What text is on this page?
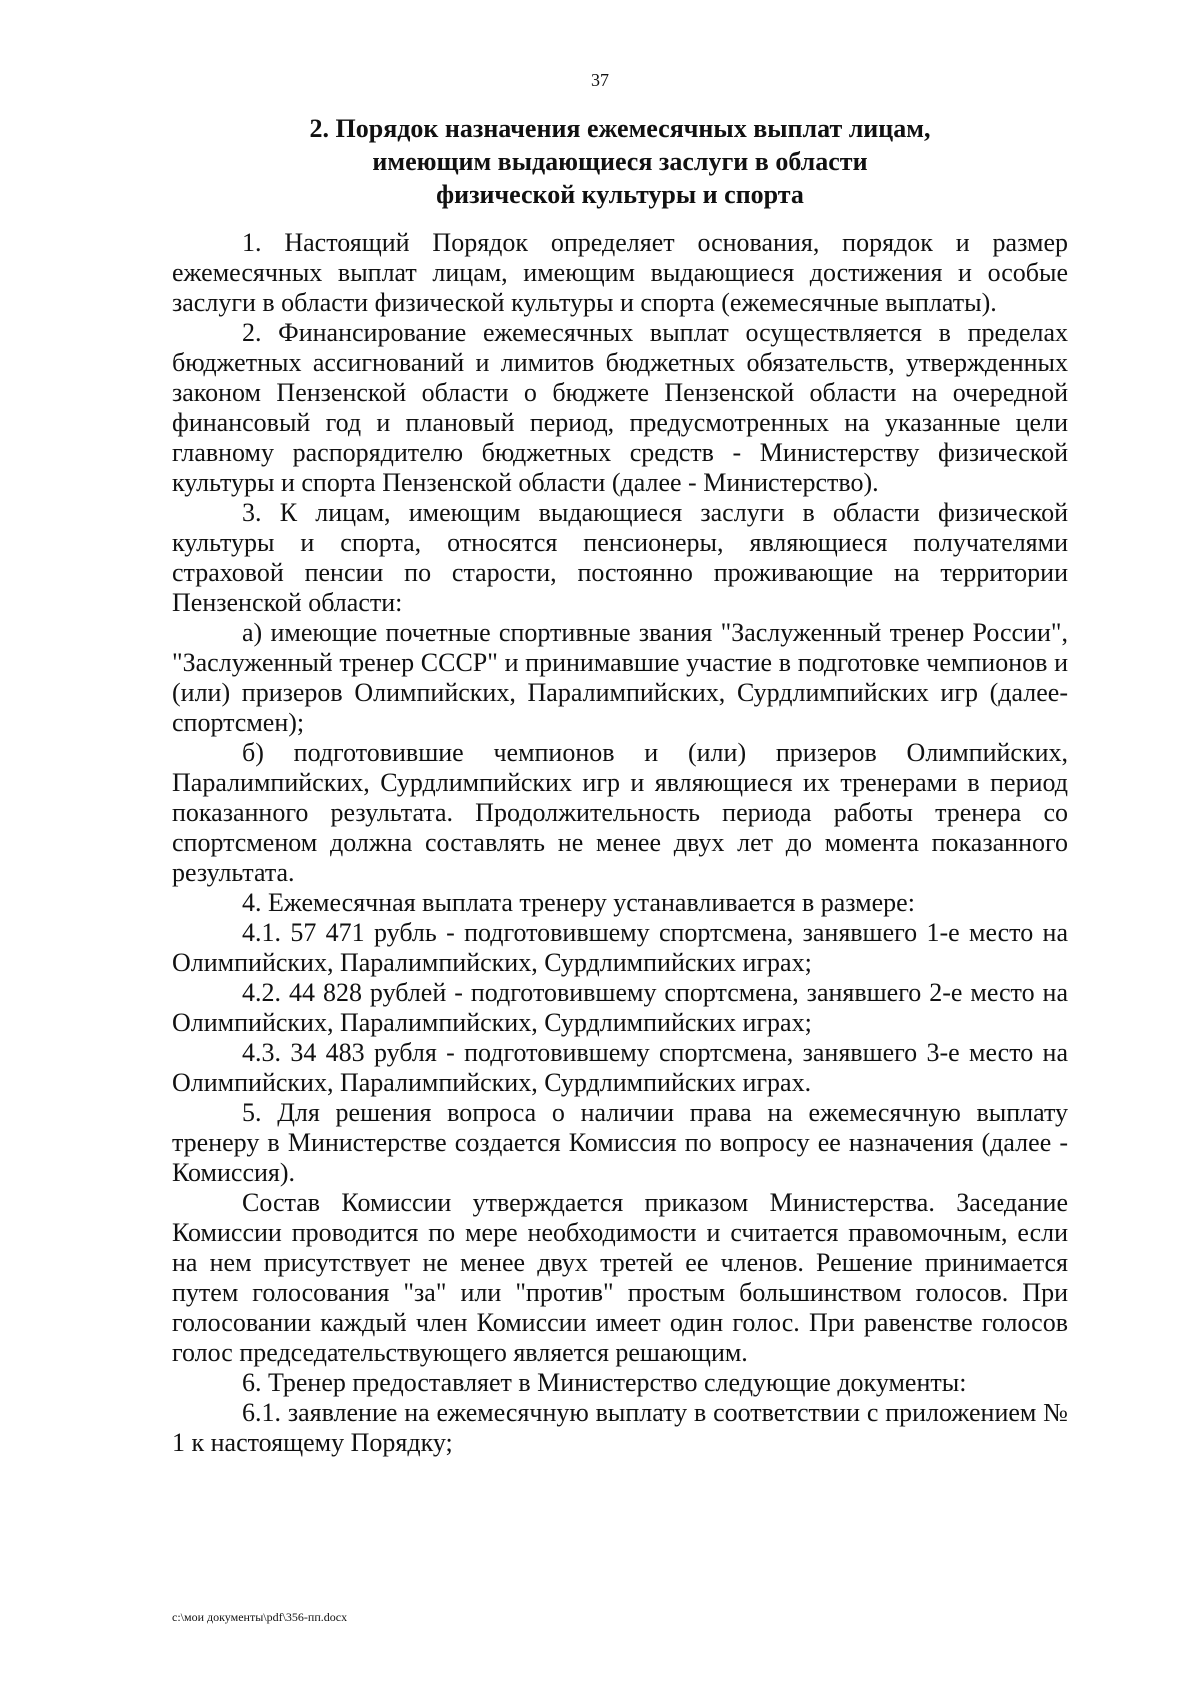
37
2. Порядок назначения ежемесячных выплат лицам,
имеющим выдающиеся заслуги в области
физической культуры и спорта

1. Настоящий Порядок определяет основания, порядок и размер ежемесячных выплат лицам, имеющим выдающиеся достижения и особые заслуги в области физической культуры и спорта (ежемесячные выплаты).

2. Финансирование ежемесячных выплат осуществляется в пределах бюджетных ассигнований и лимитов бюджетных обязательств, утвержденных законом Пензенской области о бюджете Пензенской области на очередной финансовый год и плановый период, предусмотренных на указанные цели главному распорядителю бюджетных средств - Министерству физической культуры и спорта Пензенской области (далее - Министерство).

3. К лицам, имеющим выдающиеся заслуги в области физической культуры и спорта, относятся пенсионеры, являющиеся получателями страховой пенсии по старости, постоянно проживающие на территории Пензенской области:

а) имеющие почетные спортивные звания "Заслуженный тренер России", "Заслуженный тренер СССР" и принимавшие участие в подготовке чемпионов и (или) призеров Олимпийских, Паралимпийских, Сурдлимпийских игр (далее- спортсмен);

б) подготовившие чемпионов и (или) призеров Олимпийских, Паралимпийских, Сурдлимпийских игр и являющиеся их тренерами в период показанного результата. Продолжительность периода работы тренера со спортсменом должна составлять не менее двух лет до момента показанного результата.

4. Ежемесячная выплата тренеру устанавливается в размере:

4.1. 57 471 рубль - подготовившему спортсмена, занявшего 1-е место на Олимпийских, Паралимпийских, Сурдлимпийских играх;

4.2. 44 828 рублей - подготовившему спортсмена, занявшего 2-е место на Олимпийских, Паралимпийских, Сурдлимпийских играх;

4.3. 34 483 рубля - подготовившему спортсмена, занявшего 3-е место на Олимпийских, Паралимпийских, Сурдлимпийских играх.

5. Для решения вопроса о наличии права на ежемесячную выплату тренеру в Министерстве создается Комиссия по вопросу ее назначения (далее - Комиссия).

Состав Комиссии утверждается приказом Министерства. Заседание Комиссии проводится по мере необходимости и считается правомочным, если на нем присутствует не менее двух третей ее членов. Решение принимается путем голосования "за" или "против" простым большинством голосов. При голосовании каждый член Комиссии имеет один голос. При равенстве голосов голос председательствующего является решающим.

6. Тренер предоставляет в Министерство следующие документы:

6.1. заявление на ежемесячную выплату в соответствии с приложением № 1 к настоящему Порядку;

c:\мои документы\pdf\356-пп.docx
